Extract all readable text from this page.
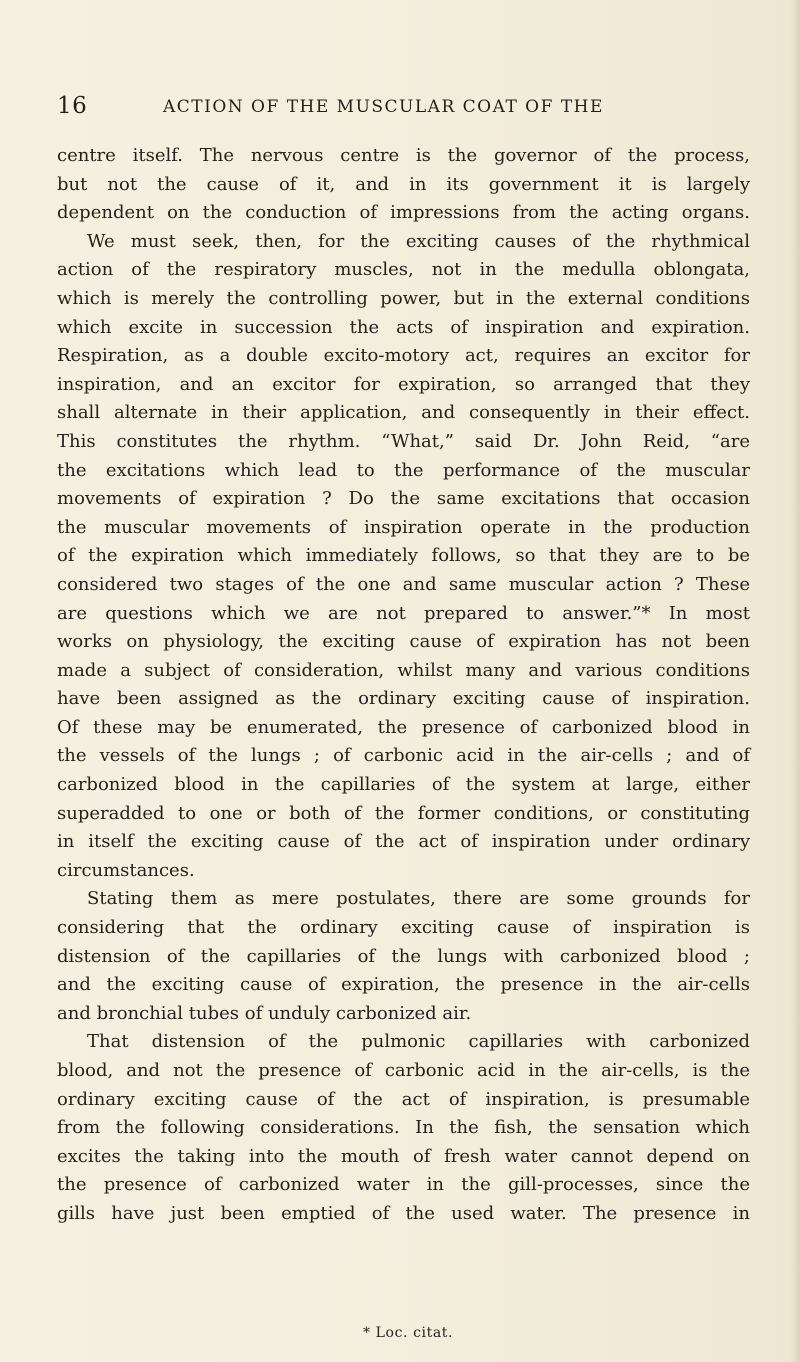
16	ACTION OF THE MUSCULAR COAT OF THE
centre itself. The nervous centre is the governor of the process,
but not the cause of it, and in its government it is largely
dependent on the conduction of impressions from the acting organs.
We must seek, then, for the exciting causes of the rhythmical
action of the respiratory muscles, not in the medulla oblongata,
which is merely the controlling power, but in the external conditions
which excite in succession the acts of inspiration and expiration.
Respiration, as a double excito-motory act, requires an excitor for
inspiration, and an excitor for expiration, so arranged that they
shall alternate in their application, and consequently in their effect.
This constitutes the rhythm. “What,” said Dr. John Reid, “are
the excitations which lead to the performance of the muscular
movements of expiration ? Do the same excitations that occasion
the muscular movements of inspiration operate in the production
of the expiration which immediately follows, so that they are to be
considered two stages of the one and same muscular action ? These
are questions which we are not prepared to answer.”* In most
works on physiology, the exciting cause of expiration has not been
made a subject of consideration, whilst many and various conditions
have been assigned as the ordinary exciting cause of inspiration.
Of these may be enumerated, the presence of carbonized blood in
the vessels of the lungs ; of carbonic acid in the air-cells ; and of
carbonized blood in the capillaries of the system at large, either
superadded to one or both of the former conditions, or constituting
in itself the exciting cause of the act of inspiration under ordinary
circumstances.
Stating them as mere postulates, there are some grounds for
considering that the ordinary exciting cause of inspiration is
distension of the capillaries of the lungs with carbonized blood ;
and the exciting cause of expiration, the presence in the air-cells
and bronchial tubes of unduly carbonized air.
That distension of the pulmonic capillaries with carbonized
blood, and not the presence of carbonic acid in the air-cells, is the
ordinary exciting cause of the act of inspiration, is presumable
from the following considerations. In the fish, the sensation which
excites the taking into the mouth of fresh water cannot depend on
the presence of carbonized water in the gill-processes, since the
gills have just been emptied of the used water. The presence in
* Loc. citat.
